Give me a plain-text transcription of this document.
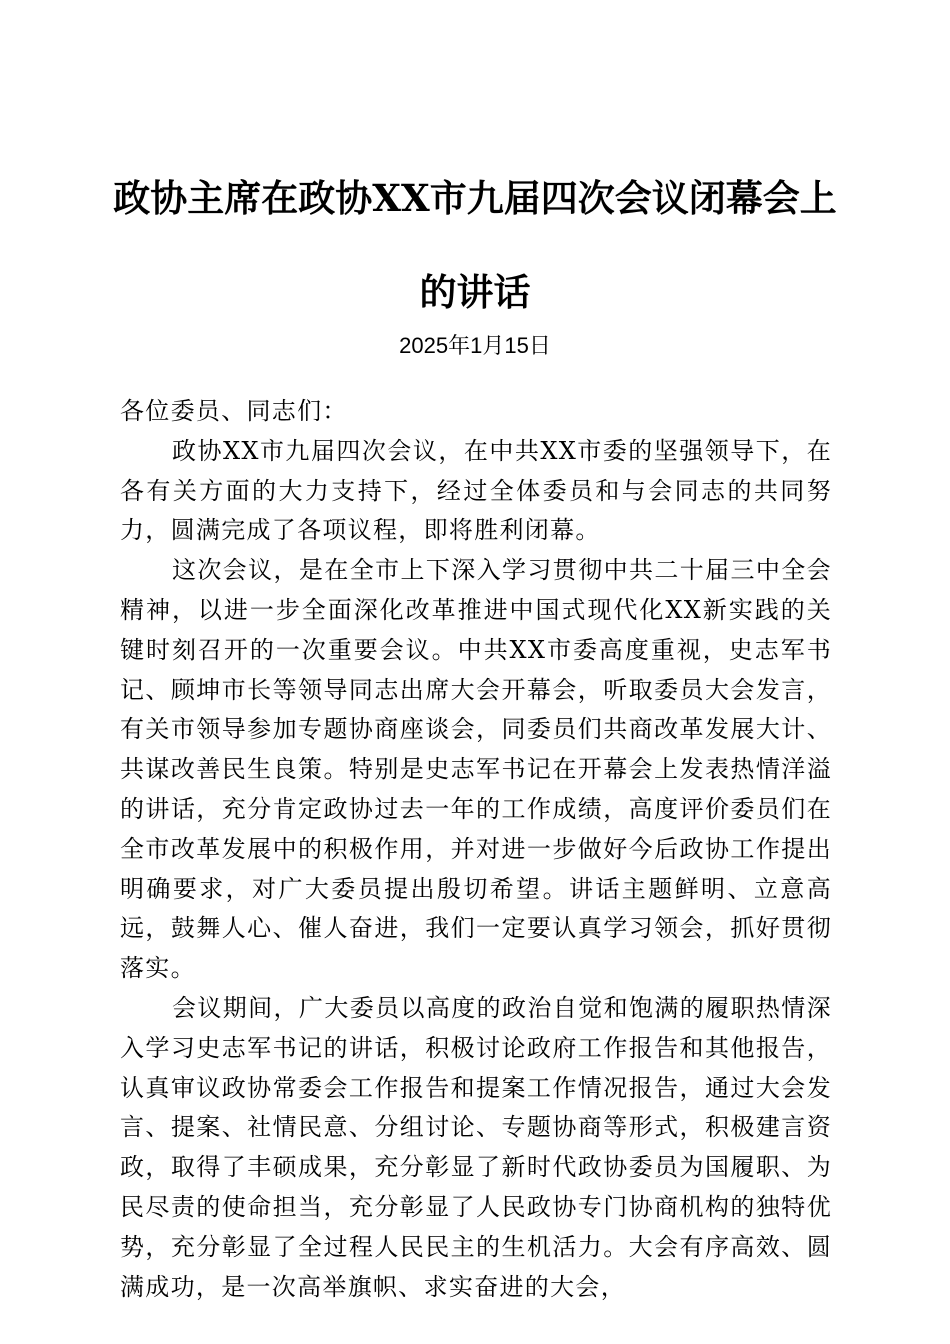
政协主席在政协XX市九届四次会议闭幕会上
的讲话
2025年1月15日

各位委员、同志们：

政协XX市九届四次会议，在中共XX市委的坚强领导下，在各有关方面的大力支持下，经过全体委员和与会同志的共同努力，圆满完成了各项议程，即将胜利闭幕。

这次会议，是在全市上下深入学习贯彻中共二十届三中全会精神，以进一步全面深化改革推进中国式现代化XX新实践的关键时刻召开的一次重要会议。中共XX市委高度重视，史志军书记、顾坤市长等领导同志出席大会开幕会，听取委员大会发言，有关市领导参加专题协商座谈会，同委员们共商改革发展大计、共谋改善民生良策。特别是史志军书记在开幕会上发表热情洋溢的讲话，充分肯定政协过去一年的工作成绩，高度评价委员们在全市改革发展中的积极作用，并对进一步做好今后政协工作提出明确要求，对广大委员提出殷切希望。讲话主题鲜明、立意高远，鼓舞人心、催人奋进，我们一定要认真学习领会，抓好贯彻落实。

会议期间，广大委员以高度的政治自觉和饱满的履职热情深入学习史志军书记的讲话，积极讨论政府工作报告和其他报告，认真审议政协常委会工作报告和提案工作情况报告，通过大会发言、提案、社情民意、分组讨论、专题协商等形式，积极建言资政，取得了丰硕成果，充分彰显了新时代政协委员为国履职、为民尽责的使命担当，充分彰显了人民政协专门协商机构的独特优势，充分彰显了全过程人民民主的生机活力。大会有序高效、圆满成功，是一次高举旗帜、求实奋进的大会，
